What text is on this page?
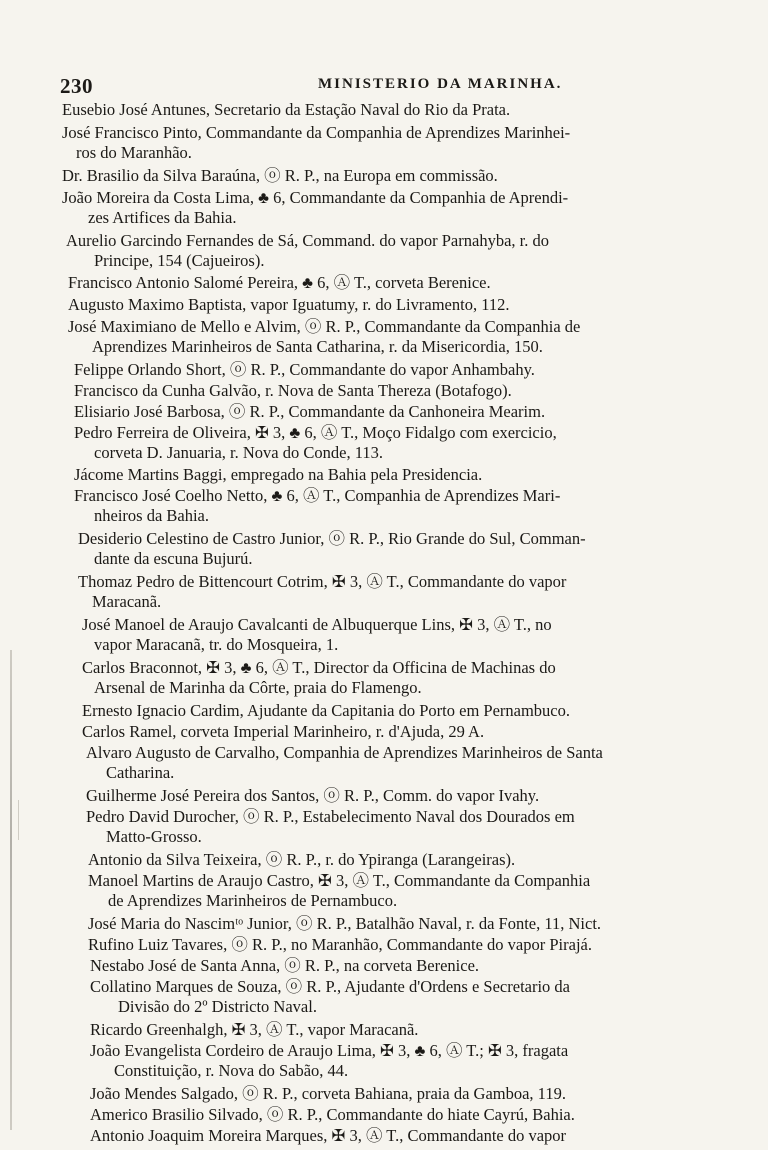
230	MINISTERIO DA MARINHA.
Eusebio José Antunes, Secretario da Estação Naval do Rio da Prata.
José Francisco Pinto, Commandante da Companhia de Aprendizes Marinhei-
ros do Maranhão.
Dr. Brasilio da Silva Baraúna, ⓞ R. P., na Europa em commissão.
João Moreira da Costa Lima, ♣ 6, Commandante da Companhia de Aprendi-
zes Artifices da Bahia.
Aurelio Garcindo Fernandes de Sá, Command. do vapor Parnahyba, r. do
Principe, 154 (Cajueiros).
Francisco Antonio Salomé Pereira, ♣ 6, Ⓐ T., corveta Berenice.
Augusto Maximo Baptista, vapor Iguatumy, r. do Livramento, 112.
José Maximiano de Mello e Alvim, ⓞ R. P., Commandante da Companhia de
Aprendizes Marinheiros de Santa Catharina, r. da Misericordia, 150.
Felippe Orlando Short, ⓞ R. P., Commandante do vapor Anhambahy.
Francisco da Cunha Galvão, r. Nova de Santa Thereza (Botafogo).
Elisiario José Barbosa, ⓞ R. P., Commandante da Canhoneira Mearim.
Pedro Ferreira de Oliveira, ✠ 3, ♣ 6, Ⓐ T., Moço Fidalgo com exercicio,
corveta D. Januaria, r. Nova do Conde, 113.
Jácome Martins Baggi, empregado na Bahia pela Presidencia.
Francisco José Coelho Netto, ♣ 6, Ⓐ T., Companhia de Aprendizes Mari-
nheiros da Bahia.
Desiderio Celestino de Castro Junior, ⓞ R. P., Rio Grande do Sul, Comman-
dante da escuna Bujurú.
Thomaz Pedro de Bittencourt Cotrim, ✠ 3, Ⓐ T., Commandante do vapor
Maracanã.
José Manoel de Araujo Cavalcanti de Albuquerque Lins, ✠ 3, Ⓐ T., no
vapor Maracanã, tr. do Mosqueira, 1.
Carlos Braconnot, ✠ 3, ♣ 6, Ⓐ T., Director da Officina de Machinas do
Arsenal de Marinha da Côrte, praia do Flamengo.
Ernesto Ignacio Cardim, Ajudante da Capitania do Porto em Pernambuco.
Carlos Ramel, corveta Imperial Marinheiro, r. d'Ajuda, 29 A.
Alvaro Augusto de Carvalho, Companhia de Aprendizes Marinheiros de Santa
Catharina.
Guilherme José Pereira dos Santos, ⓞ R. P., Comm. do vapor Ivahy.
Pedro David Durocher, ⓞ R. P., Estabelecimento Naval dos Dourados em
Matto-Grosso.
Antonio da Silva Teixeira, ⓞ R. P., r. do Ypiranga (Larangeiras).
Manoel Martins de Araujo Castro, ✠ 3, Ⓐ T., Commandante da Companhia
de Aprendizes Marinheiros de Pernambuco.
José Maria do Nascimᵗᵒ Junior, ⓞ R. P., Batalhão Naval, r. da Fonte, 11, Nict.
Rufino Luiz Tavares, ⓞ R. P., no Maranhão, Commandante do vapor Pirajá.
Nestabo José de Santa Anna, ⓞ R. P., na corveta Berenice.
Collatino Marques de Souza, ⓞ R. P., Ajudante d'Ordens e Secretario da
Divisão do 2º Districto Naval.
Ricardo Greenhalgh, ✠ 3, Ⓐ T., vapor Maracanã.
João Evangelista Cordeiro de Araujo Lima, ✠ 3, ♣ 6, Ⓐ T.; ✠ 3, fragata
Constituição, r. Nova do Sabão, 44.
João Mendes Salgado, ⓞ R. P., corveta Bahiana, praia da Gamboa, 119.
Americo Brasilio Silvado, ⓞ R. P., Commandante do hiate Cayrú, Bahia.
Antonio Joaquim Moreira Marques, ✠ 3, Ⓐ T., Commandante do vapor
